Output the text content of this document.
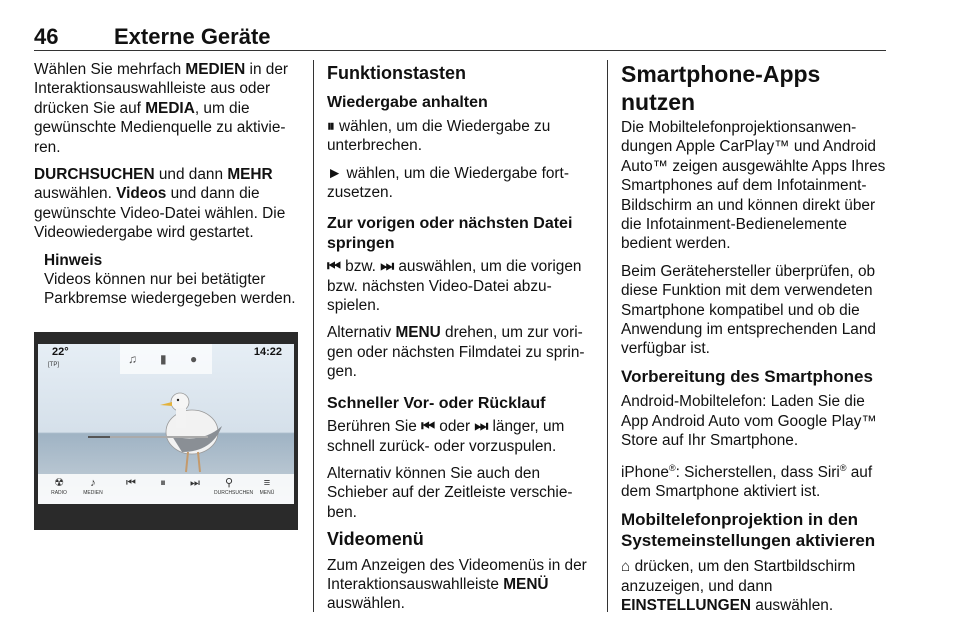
46	Externe Geräte

Wählen Sie mehrfach MEDIEN in der Interaktionsauswahlleiste aus oder drücken Sie auf MEDIA, um die gewünschte Medienquelle zu aktivieren.

DURCHSUCHEN und dann MEHR auswählen. Videos und dann die gewünschte Video-Datei wählen. Die Videowiedergabe wird gestartet.

Hinweis
Videos können nur bei betätigter Parkbremse wiedergegeben werden.
22°
[TP]
14:22
♫ ▮ ●
☢
RADIO
♪
MEDIEN
⏮	⏸	⏭	⚲
DURCHSUCHEN
≡
MENÜ
Funktionstasten
Wiedergabe anhalten

⏸ wählen, um die Wiedergabe zu unterbrechen.

► wählen, um die Wiedergabe fortzusetzen.

Zur vorigen oder nächsten Datei springen

⏮ bzw. ⏭ auswählen, um die vorigen bzw. nächsten Video-Datei abzuspielen.

Alternativ MENU drehen, um zur vorigen oder nächsten Filmdatei zu springen.

Schneller Vor- oder Rücklauf

Berühren Sie ⏮ oder ⏭ länger, um schnell zurück- oder vorzuspulen.

Alternativ können Sie auch den Schieber auf der Zeitleiste verschieben.

Videomenü

Zum Anzeigen des Videomenüs in der Interaktionsauswahlleiste MENÜ auswählen.

Smartphone-Apps nutzen

Die Mobiltelefonprojektionsanwendungen Apple CarPlay™ und Android Auto™ zeigen ausgewählte Apps Ihres Smartphones auf dem Infotainment-Bildschirm an und können direkt über die Infotainment-Bedienelemente bedient werden.

Beim Gerätehersteller überprüfen, ob diese Funktion mit dem verwendeten Smartphone kompatibel und ob die Anwendung im entsprechenden Land verfügbar ist.

Vorbereitung des Smartphones

Android-Mobiltelefon: Laden Sie die App Android Auto vom Google Play™ Store auf Ihr Smartphone.

iPhone®: Sicherstellen, dass Siri® auf dem Smartphone aktiviert ist.

Mobiltelefonprojektion in den Systemeinstellungen aktivieren

⌂ drücken, um den Startbildschirm anzuzeigen, und dann EINSTELLUNGEN auswählen.
